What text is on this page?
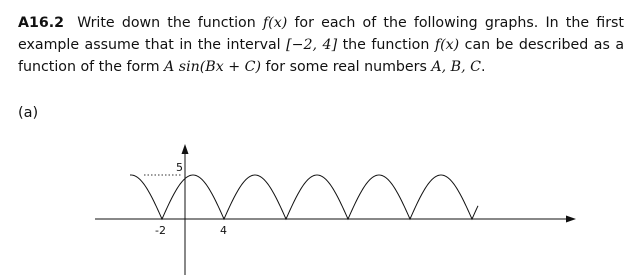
A16.2 Write down the function f(x) for each of the following graphs. In the first example assume that in the interval [−2, 4] the function f(x) can be described as a function of the form A sin(Bx + C) for some real numbers A, B, C.
(a)
-2	4
5
